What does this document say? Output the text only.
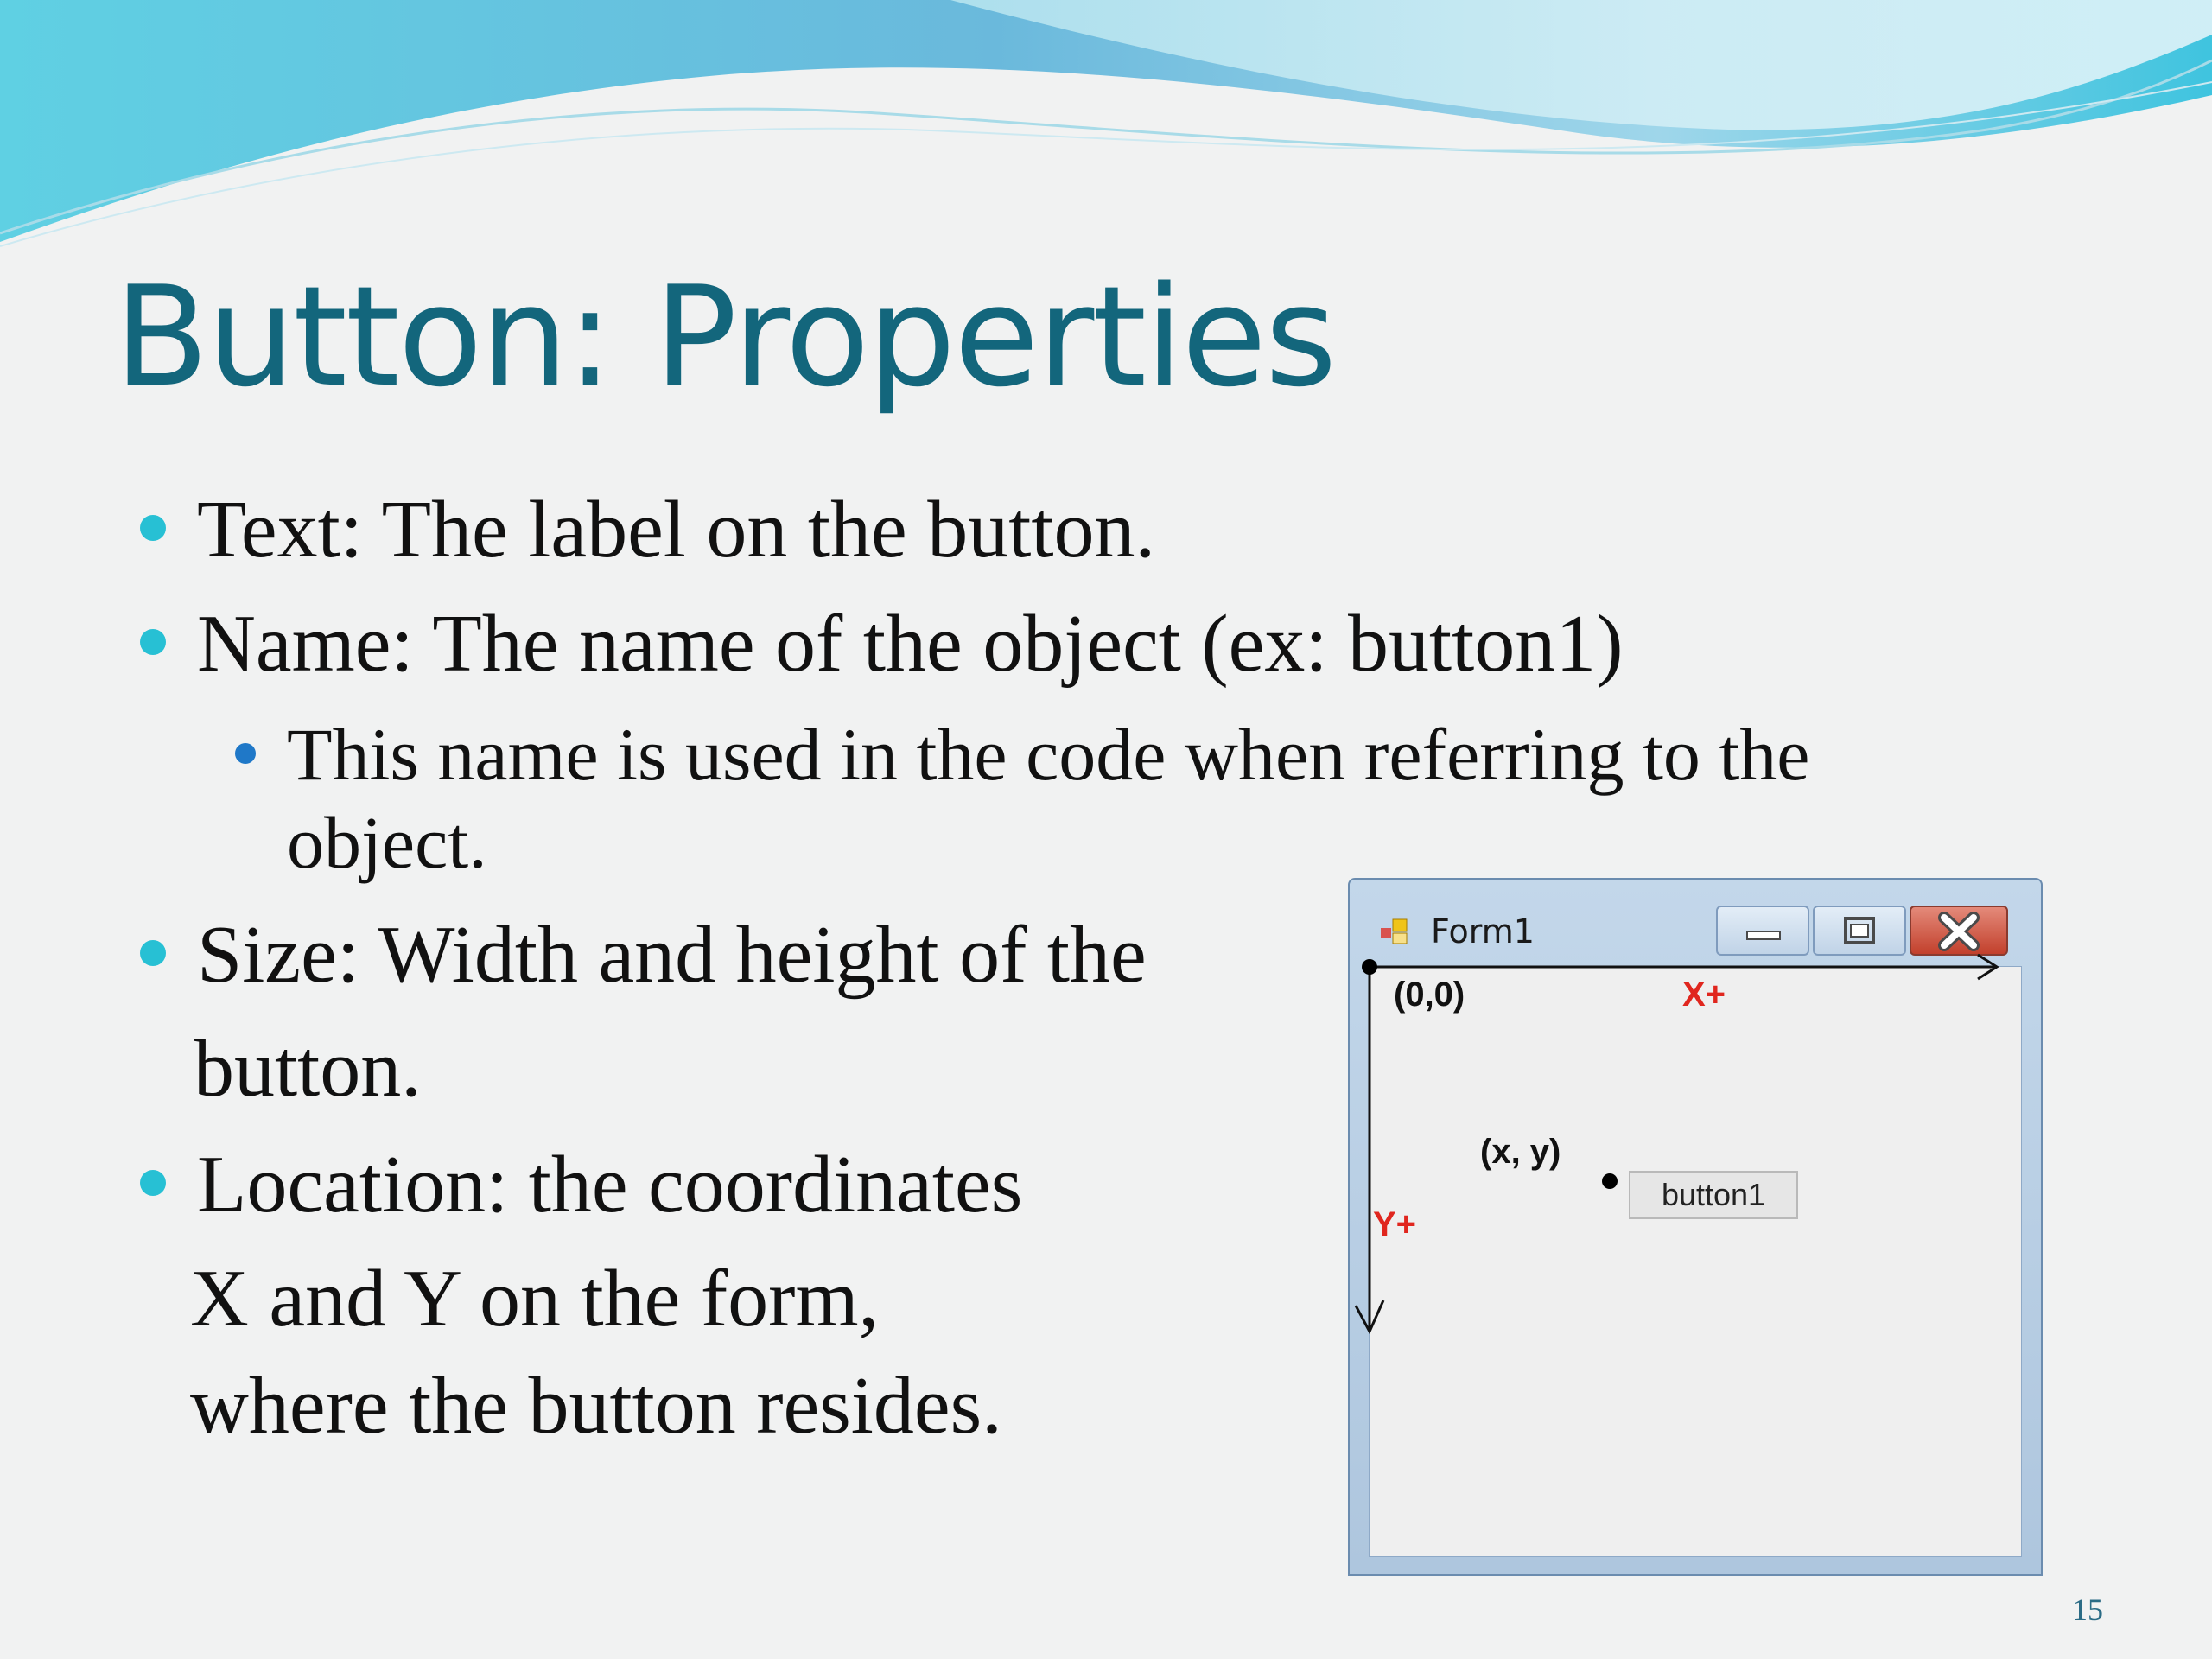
Button: Properties
Text: The label on the button.
Name: The name of the object (ex: button1)
This name is used in the code when referring to the
object.
Size: Width and height of the
button.
Location: the coordinates
X and Y on the form,
where the button resides.
Form1
(0,0)	X+
(x, y)
Y+
button1
15
